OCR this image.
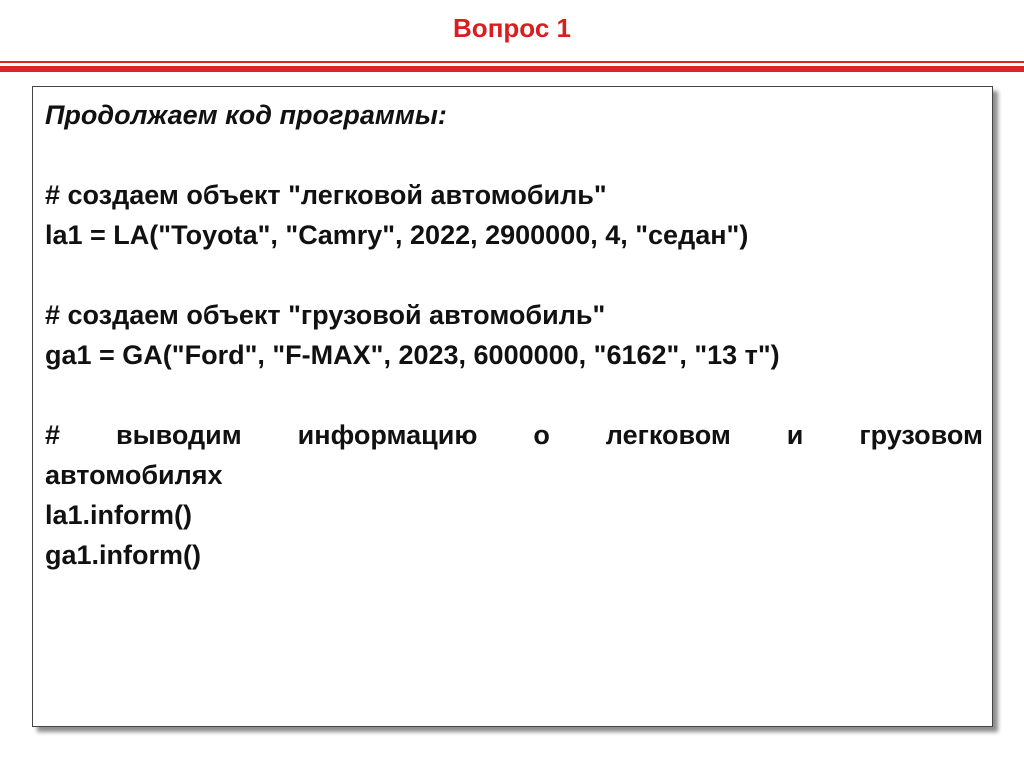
Вопрос 1
Продолжаем код программы:
# создаем объект "легковой автомобиль"
la1 = LA("Toyota", "Camry", 2022, 2900000, 4, "седан")
# создаем объект "грузовой автомобиль"
ga1 = GA("Ford", "F-MAX", 2023, 6000000, "6162", "13 т")
# выводим информацию о легковом и грузовом
автомобилях
la1.inform()
ga1.inform()
